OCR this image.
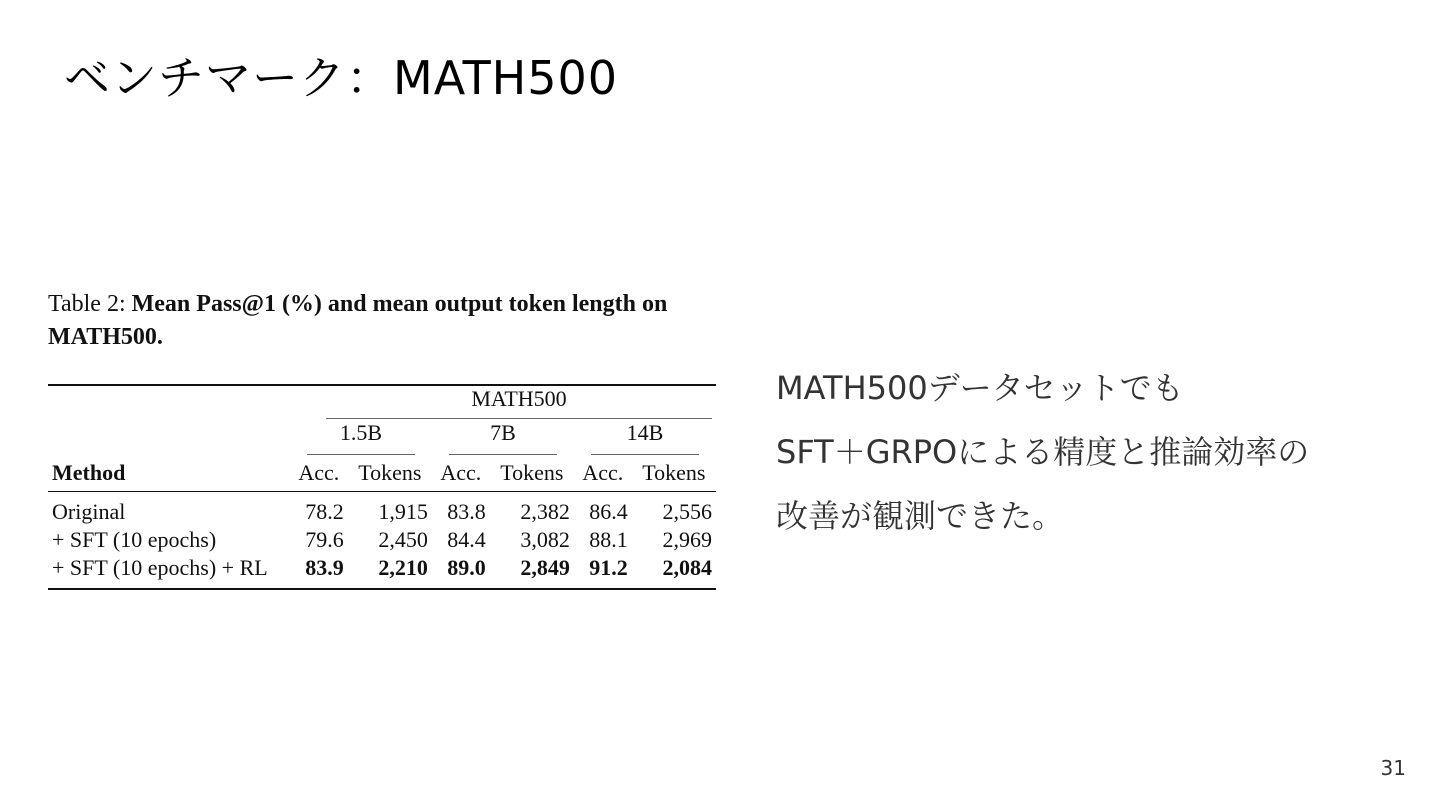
ベンチマーク：MATH500

Table 2: Mean Pass@1 (%) and mean output token length on MATH500.

	MATH500					

	1.5B		7B		14B	
Method	Acc.	Tokens	Acc.	Tokens	Acc.	Tokens
Original	78.2	1,915	83.8	2,382	86.4	2,556
+ SFT (10 epochs)	79.6	2,450	84.4	3,082	88.1	2,969
+ SFT (10 epochs) + RL	83.9	2,210	89.0	2,849	91.2	2,084
MATH500データセットでも
SFT＋GRPOによる精度と推論効率の
改善が観測できた。
31
